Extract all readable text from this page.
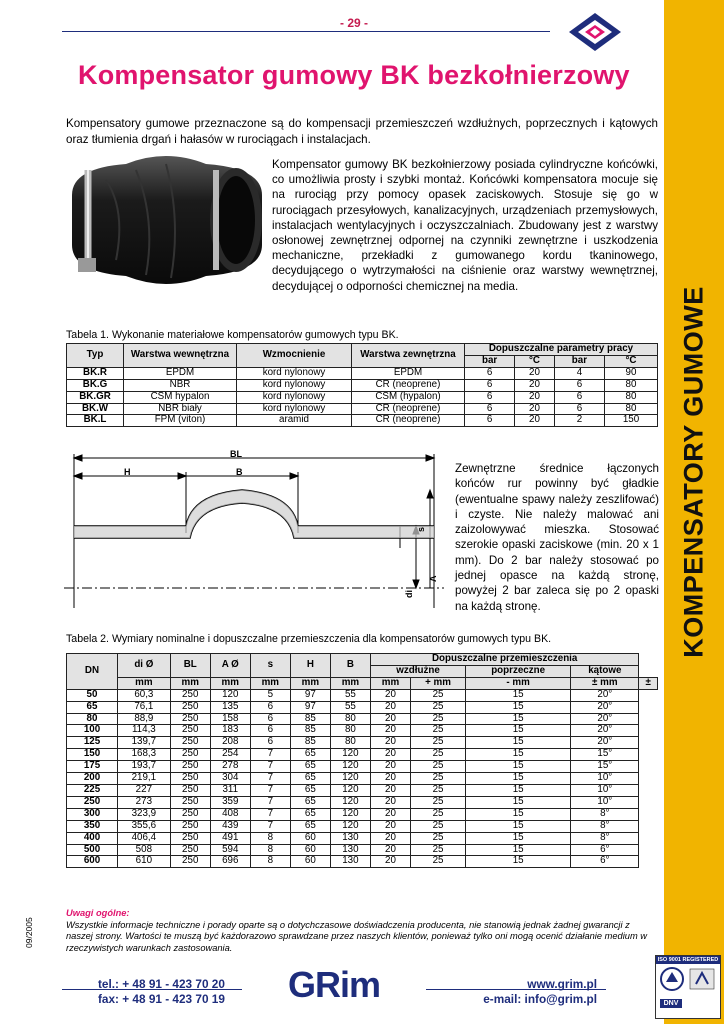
- 29 -
KOMPENSATORY GUMOWE
Kompensator gumowy BK bezkołnierzowy
Kompensatory gumowe przeznaczone są do kompensacji przemieszczeń wzdłużnych, poprzecznych i kątowych oraz tłumienia drgań i hałasów w rurociągach i instalacjach.
Kompensator gumowy BK bezkołnierzowy posiada cylindryczne końcówki, co umożliwia prosty i szybki montaż. Końcówki kompensatora mocuje się na rurociąg przy pomocy opasek zaciskowych. Stosuje się go w rurociągach przesyłowych, kanalizacyjnych, urządzeniach przemysłowych, instalacjach wentylacyjnych i oczyszczalniach. Zbudowany jest z warstwy osłonowej zewnętrznej odpornej na czynniki zewnętrzne i uszkodzenia mechaniczne, przekładki z gumowanego kordu tkaninowego, decydującego o wytrzymałości na ciśnienie oraz warstwy wewnętrznej, decydującej o odporności chemicznej na media.
Tabela 1. Wykonanie materiałowe kompensatorów gumowych typu BK.
Typ	Warstwa wewnętrzna	Wzmocnienie	Warstwa zewnętrzna	Dopuszczalne parametry pracy			
				bar	°C	bar	°C
BK.R	EPDM	kord nylonowy	EPDM	6	20	4	90
BK.G	NBR	kord nylonowy	CR (neoprene)	6	20	6	80
BK.GR	CSM hypalon	kord nylonowy	CSM (hypalon)	6	20	6	80
BK.W	NBR biały	kord nylonowy	CR (neoprene)	6	20	6	80
BK.L	FPM (viton)	aramid	CR (neoprene)	6	20	2	150
BL
H	B
s
di
A
Zewnętrzne średnice łączonych końców rur powinny być gładkie (ewentualne spawy należy zeszlifować) i czyste. Nie należy malować ani zaizolowywać mieszka. Stosować szerokie opaski zaciskowe (min. 20 x 1 mm). Do 2 bar należy stosować po jednej opasce na każdą stronę, powyżej 2 bar zaleca się po 2 opaski na każdą stronę.
Tabela 2. Wymiary nominalne i dopuszczalne przemieszczenia dla kompensatorów gumowych typu BK.
DN	di Ø	BL	A Ø	s	H	B	Dopuszczalne przemieszczenia				
							wzdłużne		poprzeczne	kątowe	
	mm	mm	mm	mm	mm	mm	mm	+ mm	- mm	± mm	±
50	60,3	250	120	5	97	55	20	25	15	20°	
65	76,1	250	135	6	97	55	20	25	15	20°	
80	88,9	250	158	6	85	80	20	25	15	20°	
100	114,3	250	183	6	85	80	20	25	15	20°	
125	139,7	250	208	6	85	80	20	25	15	20°	
150	168,3	250	254	7	65	120	20	25	15	15°	
175	193,7	250	278	7	65	120	20	25	15	15°	
200	219,1	250	304	7	65	120	20	25	15	10°	
225	227	250	311	7	65	120	20	25	15	10°	
250	273	250	359	7	65	120	20	25	15	10°	
300	323,9	250	408	7	65	120	20	25	15	8°	
350	355,6	250	439	7	65	120	20	25	15	8°	
400	406,4	250	491	8	60	130	20	25	15	8°	
500	508	250	594	8	60	130	20	25	15	6°	
600	610	250	696	8	60	130	20	25	15	6°	
Uwagi ogólne:
Wszystkie informacje techniczne i porady oparte są o dotychczasowe doświadczenia producenta, nie stanowią jednak żadnej gwarancji z naszej strony. Wartości te muszą być każdorazowo sprawdzane przez naszych klientów, ponieważ tylko oni mogą ocenić działanie medium w rzeczywistych warunkach zastosowania.
09/2005
tel.: + 48 91 - 423 70 20
fax: + 48 91 - 423 70 19
www.grim.pl
e-mail: info@grim.pl
GRim
ISO 9001 REGISTERED
DNV
